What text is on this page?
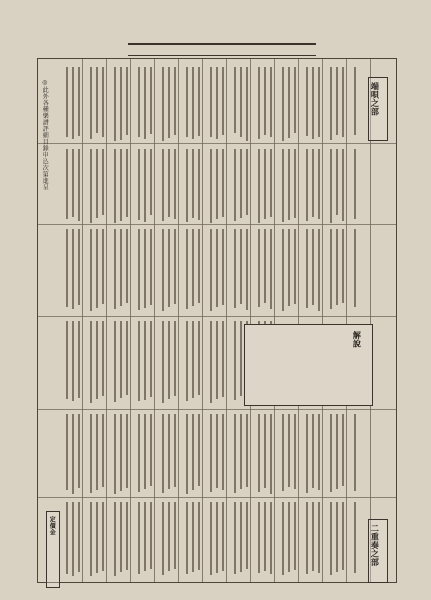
端唄之部
二重奏之部
定價金
◎此外各種樂譜評細目錄申込次第進呈
解說
